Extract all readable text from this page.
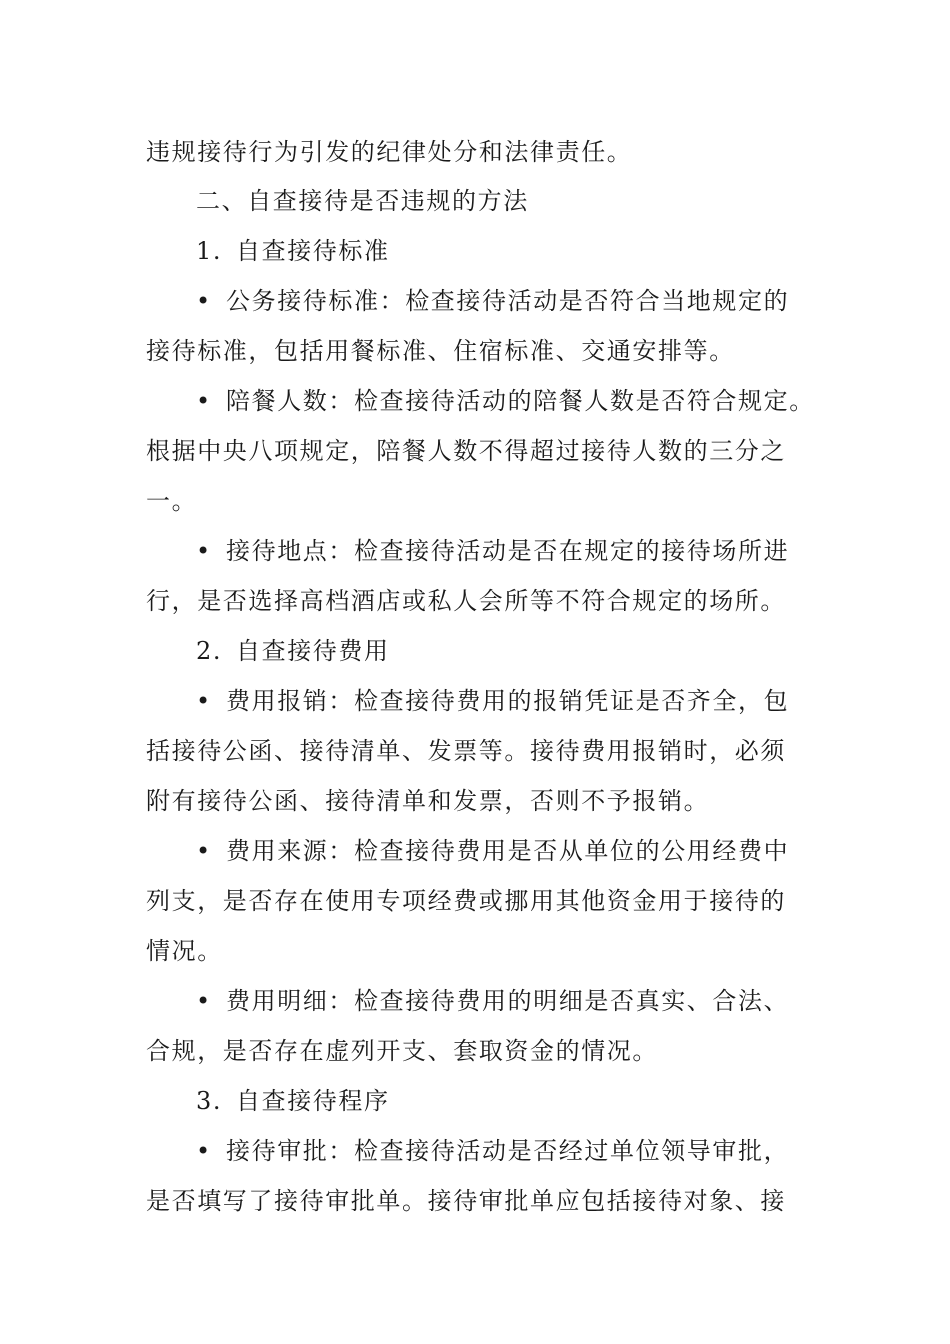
违规接待行为引发的纪律处分和法律责任。

二、自查接待是否违规的方法

1. 自查接待标准

• 公务接待标准：检查接待活动是否符合当地规定的

接待标准，包括用餐标准、住宿标准、交通安排等。

• 陪餐人数：检查接待活动的陪餐人数是否符合规定。

根据中央八项规定，陪餐人数不得超过接待人数的三分之

一。

• 接待地点：检查接待活动是否在规定的接待场所进

行，是否选择高档酒店或私人会所等不符合规定的场所。

2. 自查接待费用

• 费用报销：检查接待费用的报销凭证是否齐全，包

括接待公函、接待清单、发票等。接待费用报销时，必须

附有接待公函、接待清单和发票，否则不予报销。

• 费用来源：检查接待费用是否从单位的公用经费中

列支，是否存在使用专项经费或挪用其他资金用于接待的

情况。

• 费用明细：检查接待费用的明细是否真实、合法、

合规，是否存在虚列开支、套取资金的情况。

3. 自查接待程序

• 接待审批：检查接待活动是否经过单位领导审批，

是否填写了接待审批单。接待审批单应包括接待对象、接
